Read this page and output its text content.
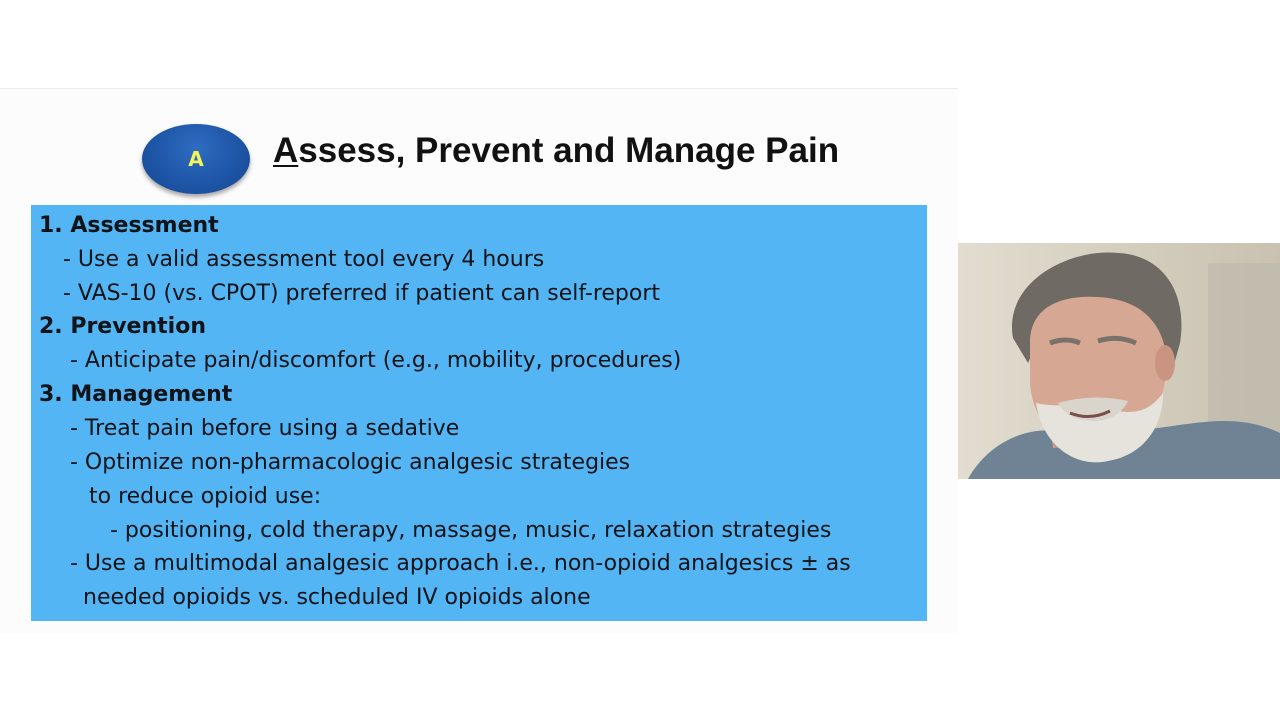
A Assess, Prevent and Manage Pain
1. Assessment
- Use a valid assessment tool every 4 hours
- VAS-10 (vs. CPOT) preferred if patient can self-report
2. Prevention
- Anticipate pain/discomfort (e.g., mobility, procedures)
3. Management
- Treat pain before using a sedative
- Optimize non-pharmacologic analgesic strategies
to reduce opioid use:
- positioning, cold therapy, massage, music, relaxation strategies
- Use a multimodal analgesic approach i.e., non-opioid analgesics ± as
needed opioids vs. scheduled IV opioids alone
